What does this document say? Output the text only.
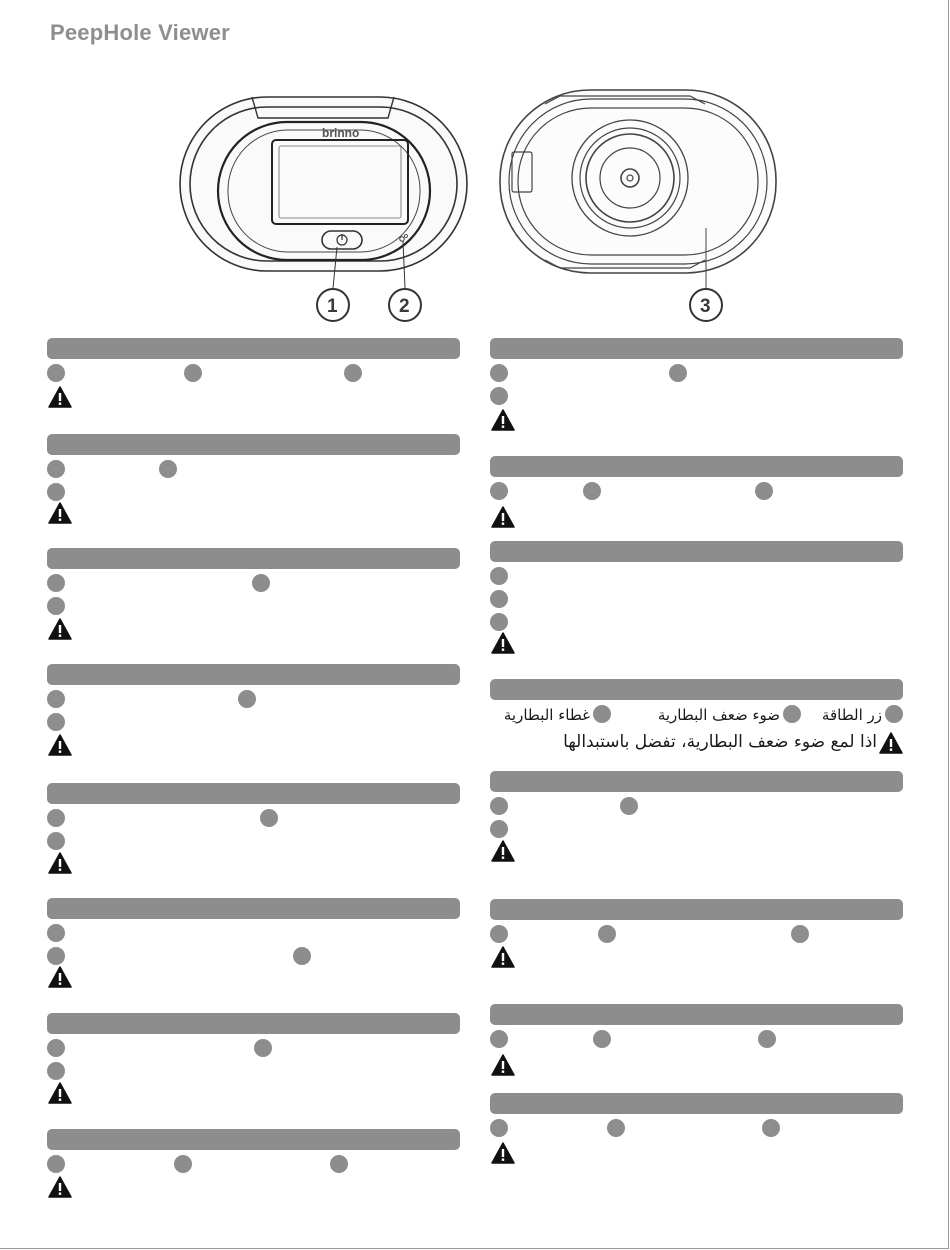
PeepHole Viewer
brinno
1	2	3
زر الطاقة
ضوء ضعف البطارية
غطاء البطارية
اذا لمع ضوء ضعف البطارية، تفضل باستبدالها
